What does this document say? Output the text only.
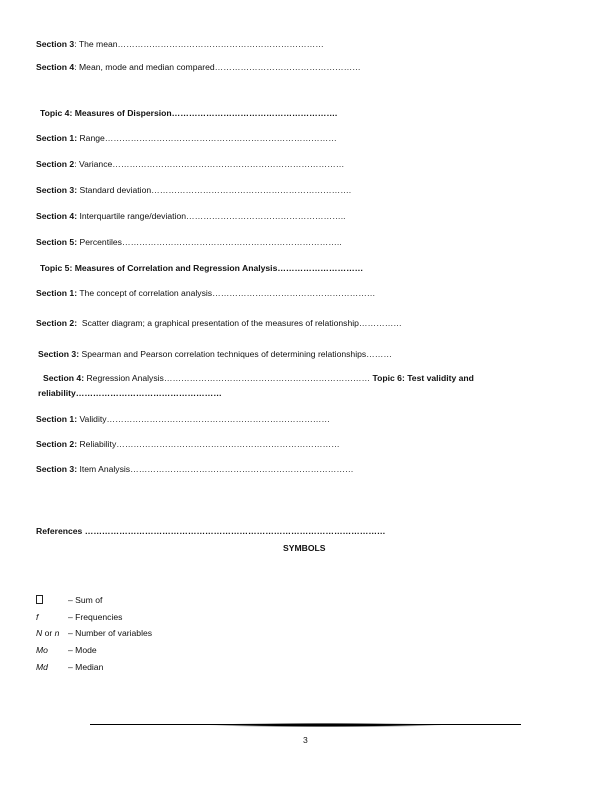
Section 3: The mean………………………………………………………………
Section 4: Mean, mode and median compared……………………………………………
Topic 4: Measures of Dispersion………………………………………………….
Section 1: Range………………………………………………………………………
Section 2: Variance………………………………………………………………………
Section 3: Standard deviation…………………………………………………………….
Section 4: Interquartile range/deviation………………………………………………..
Section 5: Percentiles…………………………………………………………………..
Topic 5: Measures of Correlation and Regression Analysis…………………………
Section 1: The concept of correlation analysis…………………………………………………
Section 2: Scatter diagram; a graphical presentation of the measures of relationship……………
Section 3: Spearman and Pearson correlation techniques of determining relationships………
Section 4: Regression Analysis……………………………………………………………… Topic 6: Test validity and
reliability……………………………………………
Section 1: Validity……………………………………………………………………
Section 2: Reliability……………………………………………………………………
Section 3: Item Analysis……………………………………………………………………
References ……………………………………………………………………………………………
SYMBOLS
– Sum of
f	– Frequencies
N or n – Number of variables
Mo – Mode
Md – Median
3
